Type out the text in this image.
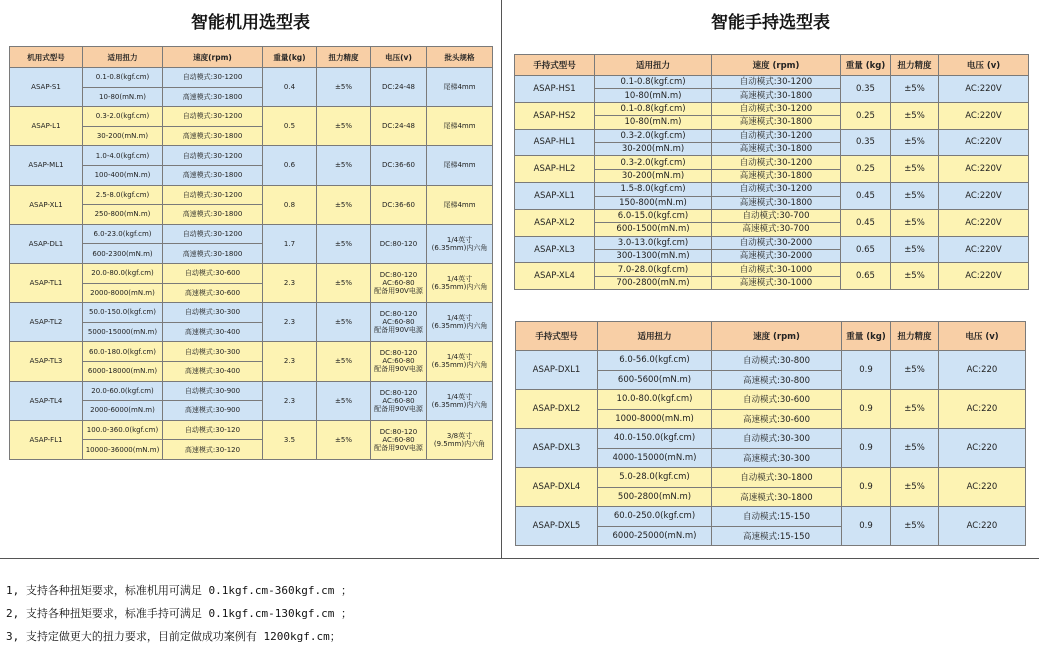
智能机用选型表	智能手持选型表
机用式型号	适用扭力	速度(rpm)	重量(kg)	扭力精度	电压(v)	批头规格
ASAP-S1	0.1-0.8(kgf.cm)	自动模式:30-1200	0.4	±5%	DC:24-48	尾梯4mm
	10-80(mN.m)	高速模式:30-1800				
ASAP-L1	0.3-2.0(kgf.cm)	自动模式:30-1200	0.5	±5%	DC:24-48	尾梯4mm
	30-200(mN.m)	高速模式:30-1800				
ASAP-ML1	1.0-4.0(kgf.cm)	自动模式:30-1200	0.6	±5%	DC:36-60	尾梯4mm
	100-400(mN.m)	高速模式:30-1800				
ASAP-XL1	2.5-8.0(kgf.cm)	自动模式:30-1200	0.8	±5%	DC:36-60	尾梯4mm
	250-800(mN.m)	高速模式:30-1800				
ASAP-DL1	6.0-23.0(kgf.cm)	自动模式:30-1200	1.7	±5%	DC:80-120	1/4英寸
(6.35mm)内六角
	600-2300(mN.m)	高速模式:30-1800				
ASAP-TL1	20.0-80.0(kgf.cm)	自动模式:30-600	2.3	±5%	DC:80-120
AC:60-80
配备用90V电源	1/4英寸
(6.35mm)内六角
	2000-8000(mN.m)	高速模式:30-600				
ASAP-TL2	50.0-150.0(kgf.cm)	自动模式:30-300	2.3	±5%	DC:80-120
AC:60-80
配备用90V电源	1/4英寸
(6.35mm)内六角
	5000-15000(mN.m)	高速模式:30-400				
ASAP-TL3	60.0-180.0(kgf.cm)	自动模式:30-300	2.3	±5%	DC:80-120
AC:60-80
配备用90V电源	1/4英寸
(6.35mm)内六角
	6000-18000(mN.m)	高速模式:30-400				
ASAP-TL4	20.0-60.0(kgf.cm)	自动模式:30-900	2.3	±5%	DC:80-120
AC:60-80
配备用90V电源	1/4英寸
(6.35mm)内六角
	2000-6000(mN.m)	高速模式:30-900				
ASAP-FL1	100.0-360.0(kgf.cm)	自动模式:30-120	3.5	±5%	DC:80-120
AC:60-80
配备用90V电源	3/8英寸
(9.5mm)内六角
	10000-36000(mN.m)	高速模式:30-120				
手持式型号	适用扭力	速度 (rpm)	重量 (kg)	扭力精度	电压 (v)
ASAP-HS1	0.1-0.8(kgf.cm)	自动模式:30-1200	0.35	±5%	AC:220V
	10-80(mN.m)	高速模式:30-1800			
ASAP-HS2	0.1-0.8(kgf.cm)	自动模式:30-1200	0.25	±5%	AC:220V
	10-80(mN.m)	高速模式:30-1800			
ASAP-HL1	0.3-2.0(kgf.cm)	自动模式:30-1200	0.35	±5%	AC:220V
	30-200(mN.m)	高速模式:30-1800			
ASAP-HL2	0.3-2.0(kgf.cm)	自动模式:30-1200	0.25	±5%	AC:220V
	30-200(mN.m)	高速模式:30-1800			
ASAP-XL1	1.5-8.0(kgf.cm)	自动模式:30-1200	0.45	±5%	AC:220V
	150-800(mN.m)	高速模式:30-1800			
ASAP-XL2	6.0-15.0(kgf.cm)	自动模式:30-700	0.45	±5%	AC:220V
	600-1500(mN.m)	高速模式:30-700			
ASAP-XL3	3.0-13.0(kgf.cm)	自动模式:30-2000	0.65	±5%	AC:220V
	300-1300(mN.m)	高速模式:30-2000			
ASAP-XL4	7.0-28.0(kgf.cm)	自动模式:30-1000	0.65	±5%	AC:220V
	700-2800(mN.m)	高速模式:30-1000			
手持式型号	适用扭力	速度 (rpm)	重量 (kg)	扭力精度	电压 (v)
ASAP-DXL1	6.0-56.0(kgf.cm)	自动模式:30-800	0.9	±5%	AC:220
	600-5600(mN.m)	高速模式:30-800			
ASAP-DXL2	10.0-80.0(kgf.cm)	自动模式:30-600	0.9	±5%	AC:220
	1000-8000(mN.m)	高速模式:30-600			
ASAP-DXL3	40.0-150.0(kgf.cm)	自动模式:30-300	0.9	±5%	AC:220
	4000-15000(mN.m)	高速模式:30-300			
ASAP-DXL4	5.0-28.0(kgf.cm)	自动模式:30-1800	0.9	±5%	AC:220
	500-2800(mN.m)	高速模式:30-1800			
ASAP-DXL5	60.0-250.0(kgf.cm)	自动模式:15-150	0.9	±5%	AC:220
	6000-25000(mN.m)	高速模式:15-150			
1, 支持各种扭矩要求，标准机用可满足 0.1kgf.cm-360kgf.cm ；
2, 支持各种扭矩要求，标准手持可满足 0.1kgf.cm-130kgf.cm ；
3, 支持定做更大的扭力要求，目前定做成功案例有 1200kgf.cm；
